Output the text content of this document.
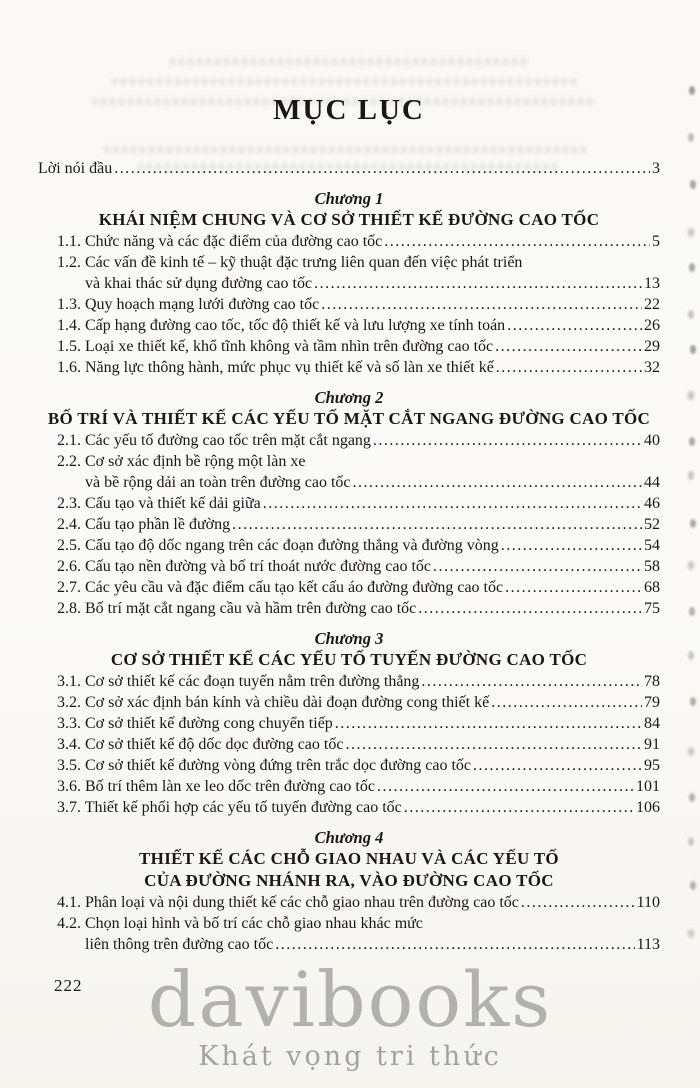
MỤC LỤC
Lời nói đầu .....	3
Chương 1
KHÁI NIỆM CHUNG VÀ CƠ SỞ THIẾT KẾ ĐƯỜNG CAO TỐC
1.1. Chức năng và các đặc điểm của đường cao tốc .....	5
1.2. Các vấn đề kinh tế – kỹ thuật đặc trưng liên quan đến việc phát triển
và khai thác sử dụng đường cao tốc .....	13
1.3. Quy hoạch mạng lưới đường cao tốc .....	22
1.4. Cấp hạng đường cao tốc, tốc độ thiết kế và lưu lượng xe tính toán .....	26
1.5. Loại xe thiết kế, khổ tĩnh không và tầm nhìn trên đường cao tốc .....	29
1.6. Năng lực thông hành, mức phục vụ thiết kế và số làn xe thiết kế .....	32
Chương 2
BỐ TRÍ VÀ THIẾT KẾ CÁC YẾU TỐ MẶT CẮT NGANG ĐƯỜNG CAO TỐC
2.1. Các yếu tố đường cao tốc trên mặt cắt ngang .....	40
2.2. Cơ sở xác định bề rộng một làn xe
và bề rộng dải an toàn trên đường cao tốc .....	44
2.3. Cấu tạo và thiết kế dải giữa .....	46
2.4. Cấu tạo phần lề đường .....	52
2.5. Cấu tạo độ dốc ngang trên các đoạn đường thẳng và đường vòng .....	54
2.6. Cấu tạo nền đường và bố trí thoát nước đường cao tốc .....	58
2.7. Các yêu cầu và đặc điểm cấu tạo kết cấu áo đường đường cao tốc .....	68
2.8. Bố trí mặt cắt ngang cầu và hầm trên đường cao tốc .....	75
Chương 3
CƠ SỞ THIẾT KẾ CÁC YẾU TỐ TUYẾN ĐƯỜNG CAO TỐC
3.1. Cơ sở thiết kế các đoạn tuyến nằm trên đường thẳng .....	78
3.2. Cơ sở xác định bán kính và chiều dài đoạn đường cong thiết kế .....	79
3.3. Cơ sở thiết kế đường cong chuyển tiếp .....	84
3.4. Cơ sở thiết kế độ dốc dọc đường cao tốc .....	91
3.5. Cơ sở thiết kế đường vòng đứng trên trắc dọc đường cao tốc .....	95
3.6. Bố trí thêm làn xe leo dốc trên đường cao tốc .....	101
3.7. Thiết kế phối hợp các yếu tố tuyến đường cao tốc .....	106
Chương 4
THIẾT KẾ CÁC CHỖ GIAO NHAU VÀ CÁC YẾU TỐ
CỦA ĐƯỜNG NHÁNH RA, VÀO ĐƯỜNG CAO TỐC
4.1. Phân loại và nội dung thiết kế các chỗ giao nhau trên đường cao tốc .....	110
4.2. Chọn loại hình và bố trí các chỗ giao nhau khác mức
liên thông trên đường cao tốc .....	113
222 davibooks
Khát vọng tri thức
